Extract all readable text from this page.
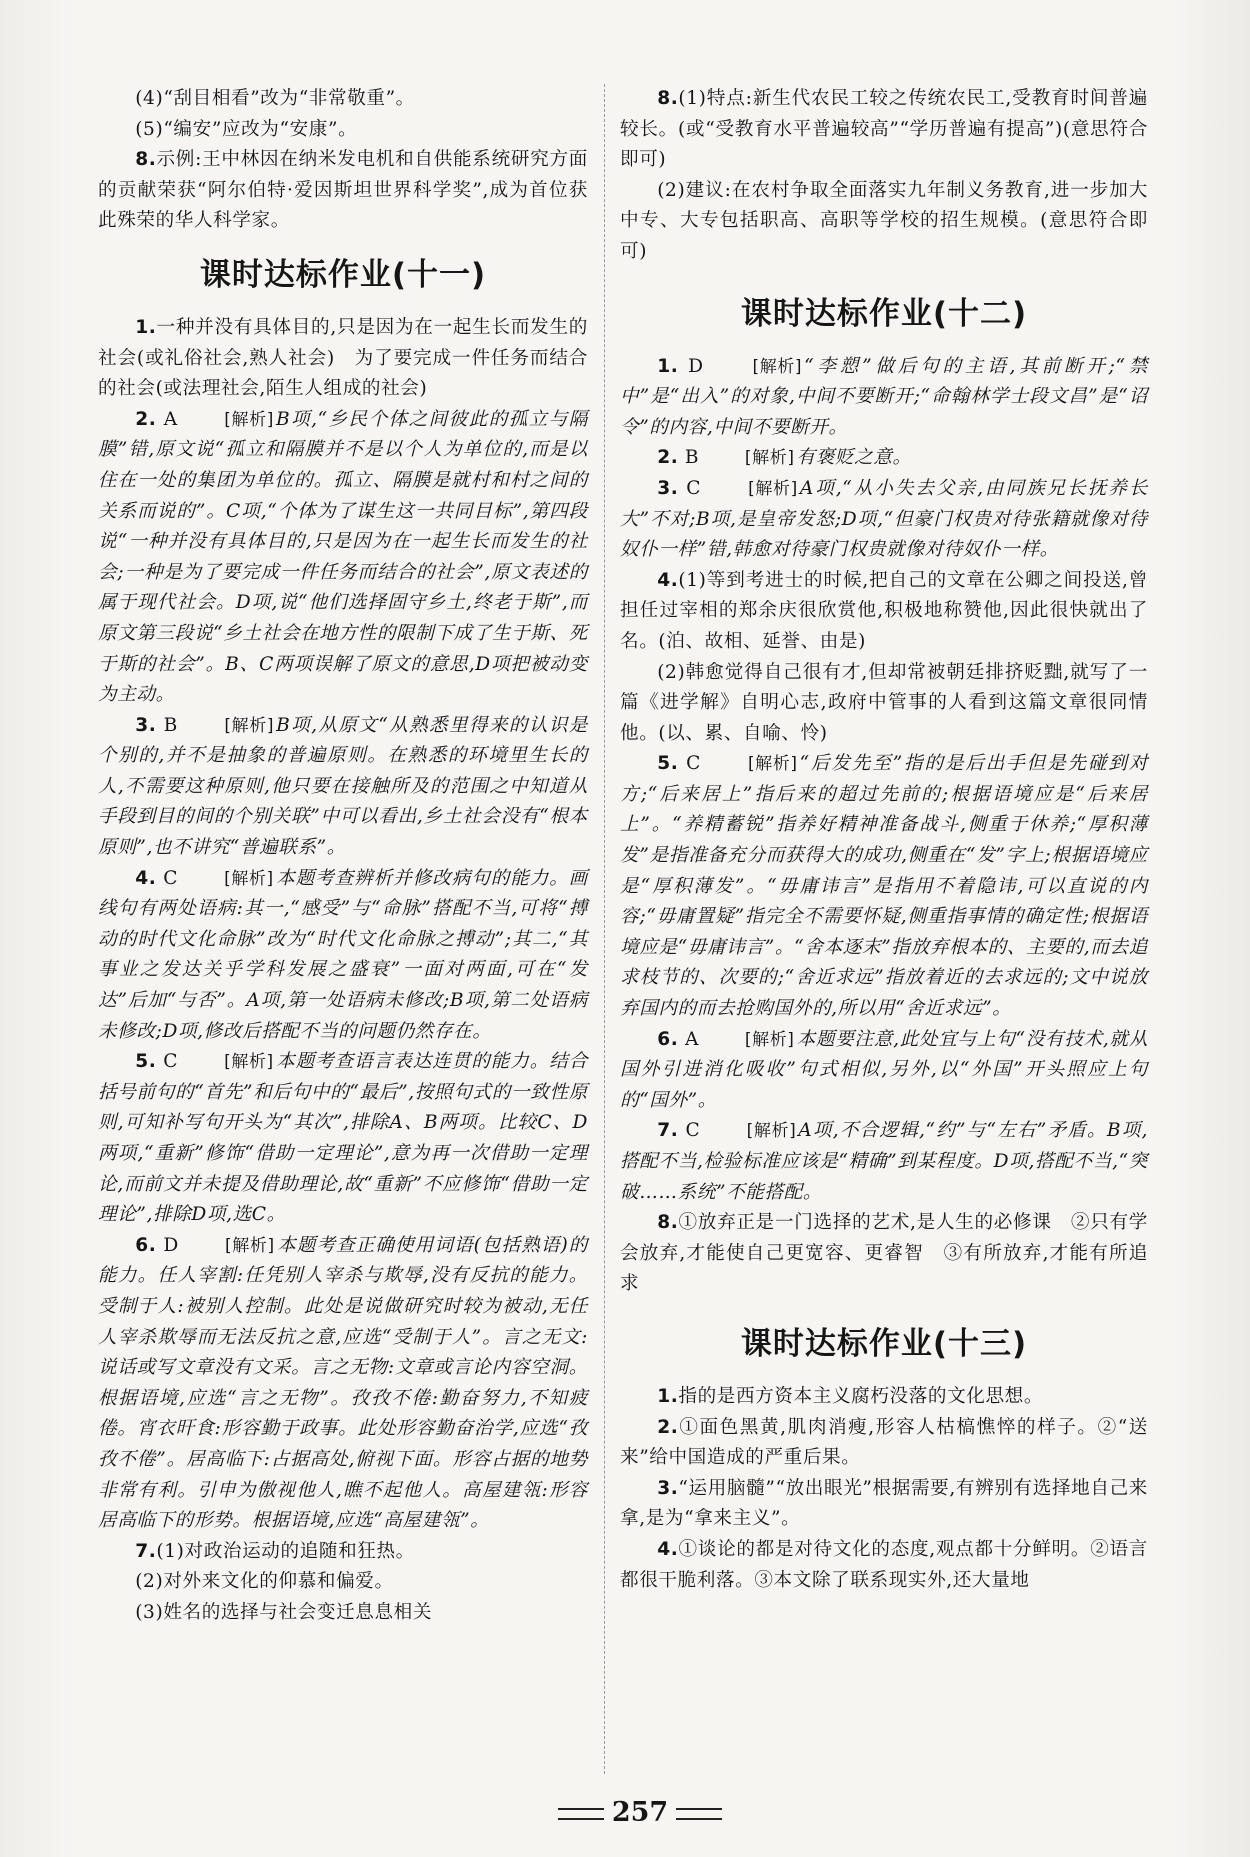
(4)“刮目相看”改为“非常敬重”。

(5)“编安”应改为“安康”。

8.示例:王中林因在纳米发电机和自供能系统研究方面的贡献荣获“阿尔伯特·爱因斯坦世界科学奖”,成为首位获此殊荣的华人科学家。

课时达标作业(十一)

1.一种并没有具体目的,只是因为在一起生长而发生的社会(或礼俗社会,熟人社会)　为了要完成一件任务而结合的社会(或法理社会,陌生人组成的社会)

2. A	[ 解析 ] B项,“乡民个体之间彼此的孤立与隔膜”错,原文说“孤立和隔膜并不是以个人为单位的,而是以住在一处的集团为单位的。孤立、隔膜是就村和村之间的关系而说的”。C项,“个体为了谋生这一共同目标”,第四段说“一种并没有具体目的,只是因为在一起生长而发生的社会;一种是为了要完成一件任务而结合的社会”,原文表述的属于现代社会。D项,说“他们选择固守乡土,终老于斯”,而原文第三段说“乡土社会在地方性的限制下成了生于斯、死于斯的社会”。B、C两项误解了原文的意思,D项把被动变为主动。

3. B	[ 解析 ] B项,从原文“从熟悉里得来的认识是个别的,并不是抽象的普遍原则。在熟悉的环境里生长的人,不需要这种原则,他只要在接触所及的范围之中知道从手段到目的间的个别关联”中可以看出,乡土社会没有“根本原则”,也不讲究“普遍联系”。

4. C	[ 解析 ] 本题考查辨析并修改病句的能力。画线句有两处语病:其一,“感受”与“命脉”搭配不当,可将“搏动的时代文化命脉”改为“时代文化命脉之搏动”;其二,“其事业之发达关乎学科发展之盛衰”一面对两面,可在“发达”后加“与否”。A项,第一处语病未修改;B项,第二处语病未修改;D项,修改后搭配不当的问题仍然存在。

5. C	[ 解析 ] 本题考查语言表达连贯的能力。结合括号前句的“首先”和后句中的“最后”,按照句式的一致性原则,可知补写句开头为“其次”,排除A、B两项。比较C、D两项,“重新”修饰“借助一定理论”,意为再一次借助一定理论,而前文并未提及借助理论,故“重新”不应修饰“借助一定理论”,排除D项,选C。

6. D	[ 解析 ] 本题考查正确使用词语(包括熟语)的能力。任人宰割:任凭别人宰杀与欺辱,没有反抗的能力。受制于人:被别人控制。此处是说做研究时较为被动,无任人宰杀欺辱而无法反抗之意,应选“受制于人”。言之无文:说话或写文章没有文采。言之无物:文章或言论内容空洞。根据语境,应选“言之无物”。孜孜不倦:勤奋努力,不知疲倦。宵衣旰食:形容勤于政事。此处形容勤奋治学,应选“孜孜不倦”。居高临下:占据高处,俯视下面。形容占据的地势非常有利。引申为傲视他人,瞧不起他人。高屋建瓴:形容居高临下的形势。根据语境,应选“高屋建瓴”。

7.(1)对政治运动的追随和狂热。

(2)对外来文化的仰慕和偏爱。

(3)姓名的选择与社会变迁息息相关

8.(1)特点:新生代农民工较之传统农民工,受教育时间普遍较长。(或“受教育水平普遍较高”“学历普遍有提高”)(意思符合即可)

(2)建议:在农村争取全面落实九年制义务教育,进一步加大中专、大专包括职高、高职等学校的招生规模。(意思符合即可)

课时达标作业(十二)

1. D	[ 解析 ] “李愬”做后句的主语,其前断开;“禁中”是“出入”的对象,中间不要断开;“命翰林学士段文昌”是“诏令”的内容,中间不要断开。

2. B	[ 解析 ] 有褒贬之意。

3. C	[ 解析 ] A项,“从小失去父亲,由同族兄长抚养长大”不对;B项,是皇帝发怒;D项,“但豪门权贵对待张籍就像对待奴仆一样”错,韩愈对待豪门权贵就像对待奴仆一样。

4.(1)等到考进士的时候,把自己的文章在公卿之间投送,曾担任过宰相的郑余庆很欣赏他,积极地称赞他,因此很快就出了名。(泊、故相、延誉、由是)

(2)韩愈觉得自己很有才,但却常被朝廷排挤贬黜,就写了一篇《进学解》自明心志,政府中管事的人看到这篇文章很同情他。(以、累、自喻、怜)

5. C	[ 解析 ] “后发先至”指的是后出手但是先碰到对方;“后来居上”指后来的超过先前的;根据语境应是“后来居上”。“养精蓄锐”指养好精神准备战斗,侧重于休养;“厚积薄发”是指准备充分而获得大的成功,侧重在“发”字上;根据语境应是“厚积薄发”。“毋庸讳言”是指用不着隐讳,可以直说的内容;“毋庸置疑”指完全不需要怀疑,侧重指事情的确定性;根据语境应是“毋庸讳言”。“舍本逐末”指放弃根本的、主要的,而去追求枝节的、次要的;“舍近求远”指放着近的去求远的;文中说放弃国内的而去抢购国外的,所以用“舍近求远”。

6. A	[ 解析 ] 本题要注意,此处宜与上句“没有技术,就从国外引进消化吸收”句式相似,另外,以“外国”开头照应上句的“国外”。

7. C	[ 解析 ] A项,不合逻辑,“约”与“左右”矛盾。B项,搭配不当,检验标准应该是“精确”到某程度。D项,搭配不当,“突破……系统”不能搭配。

8.①放弃正是一门选择的艺术,是人生的必修课　②只有学会放弃,才能使自己更宽容、更睿智　③有所放弃,才能有所追求

课时达标作业(十三)

1.指的是西方资本主义腐朽没落的文化思想。

2.①面色黑黄,肌肉消瘦,形容人枯槁憔悴的样子。②“送来”给中国造成的严重后果。

3.“运用脑髓”“放出眼光”根据需要,有辨别有选择地自己来拿,是为“拿来主义”。

4.①谈论的都是对待文化的态度,观点都十分鲜明。②语言都很干脆利落。③本文除了联系现实外,还大量地

257
